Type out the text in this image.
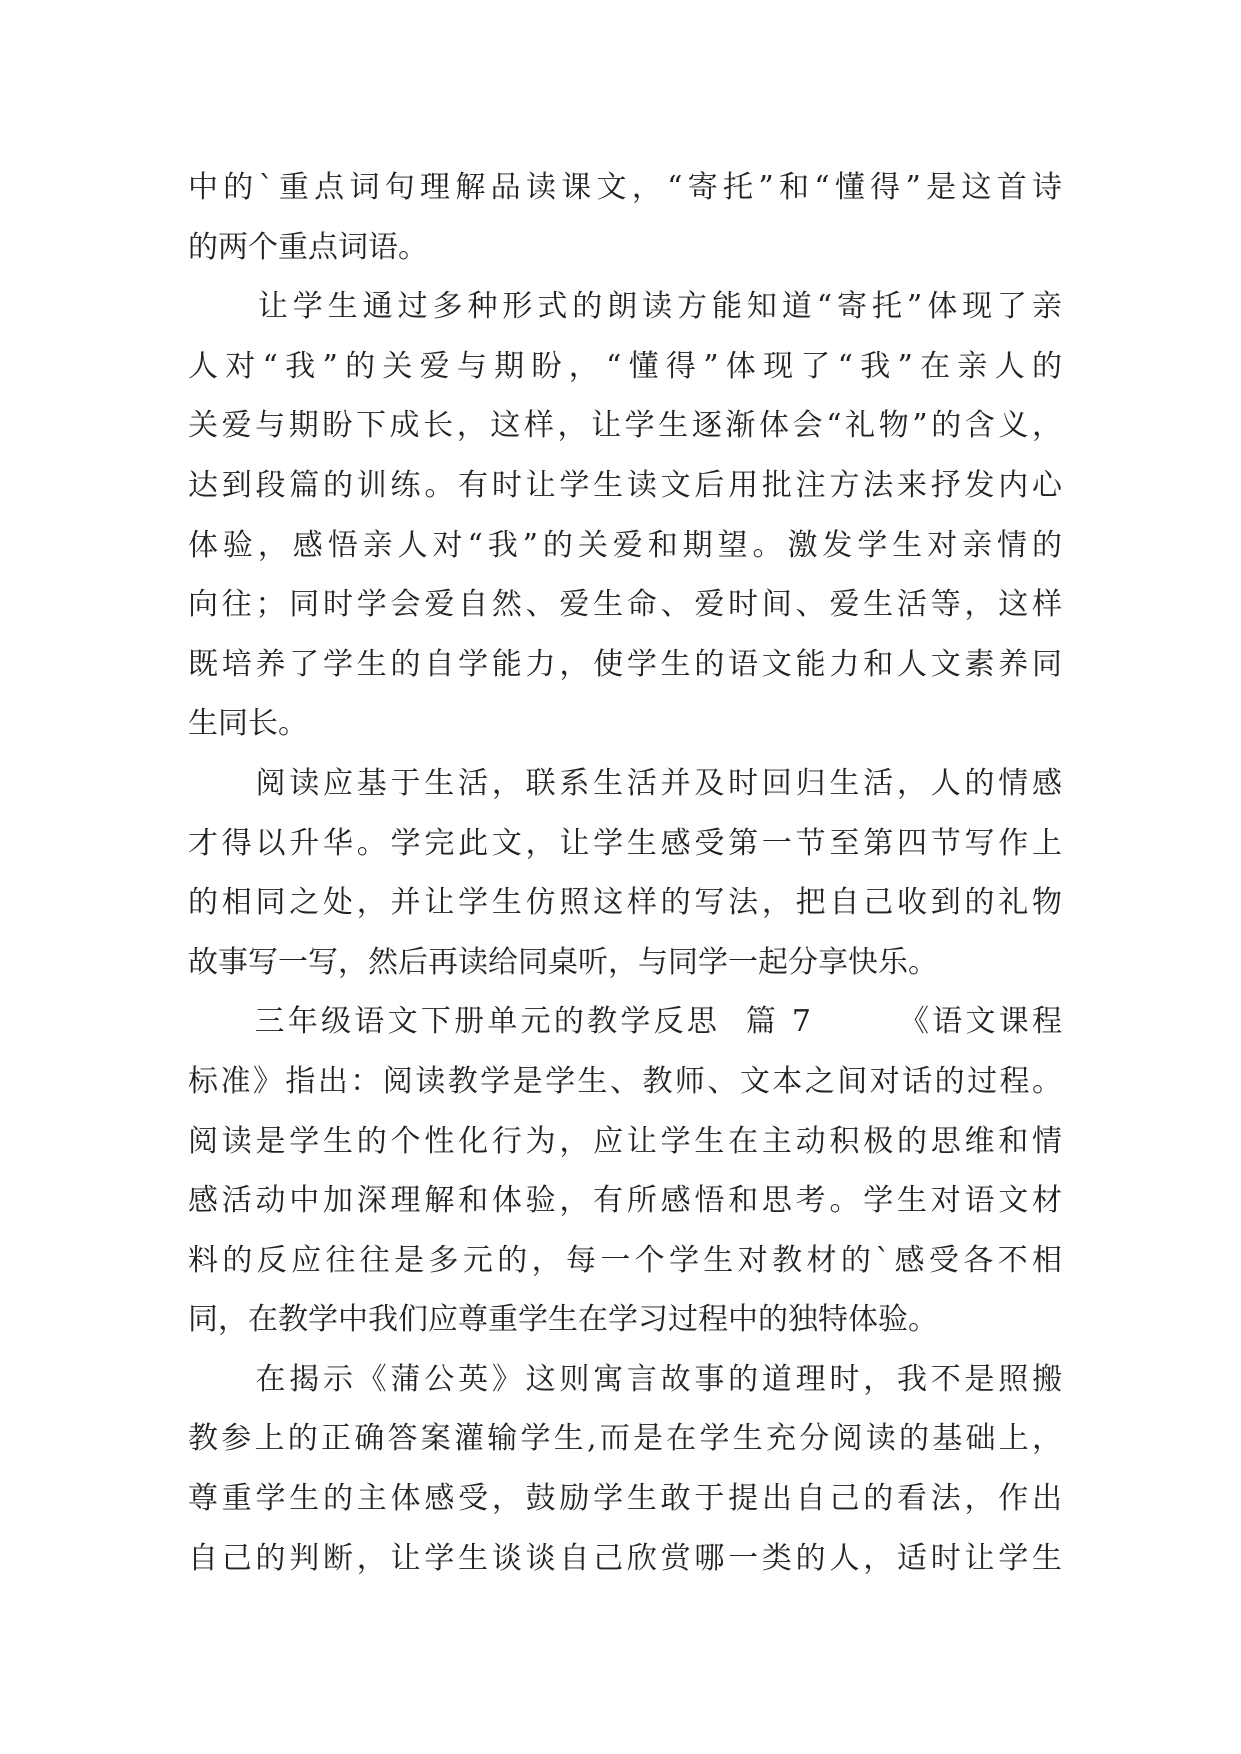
中的`重点词句理解品读课文，“寄托”和“懂得”是这首诗
的两个重点词语。
　　让学生通过多种形式的朗读方能知道“寄托”体现了亲
人对“我”的关爱与期盼，“懂得”体现了“我”在亲人的
关爱与期盼下成长，这样，让学生逐渐体会“礼物”的含义，
达到段篇的训练。有时让学生读文后用批注方法来抒发内心
体验，感悟亲人对“我”的关爱和期望。激发学生对亲情的
向往；同时学会爱自然、爱生命、爱时间、爱生活等，这样
既培养了学生的自学能力，使学生的语文能力和人文素养同
生同长。
　　阅读应基于生活，联系生活并及时回归生活，人的情感
才得以升华。学完此文，让学生感受第一节至第四节写作上
的相同之处，并让学生仿照这样的写法，把自己收到的礼物
故事写一写，然后再读给同桌听，与同学一起分享快乐。
　　三年级语文下册单元的教学反思  篇 7　　　《语文课程
标准》指出：阅读教学是学生、教师、文本之间对话的过程。
阅读是学生的个性化行为，应让学生在主动积极的思维和情
感活动中加深理解和体验，有所感悟和思考。学生对语文材
料的反应往往是多元的，每一个学生对教材的`感受各不相
同，在教学中我们应尊重学生在学习过程中的独特体验。
　　在揭示《蒲公英》这则寓言故事的道理时，我不是照搬
教参上的正确答案灌输学生,而是在学生充分阅读的基础上，
尊重学生的主体感受，鼓励学生敢于提出自己的看法，作出
自己的判断，让学生谈谈自己欣赏哪一类的人，适时让学生
